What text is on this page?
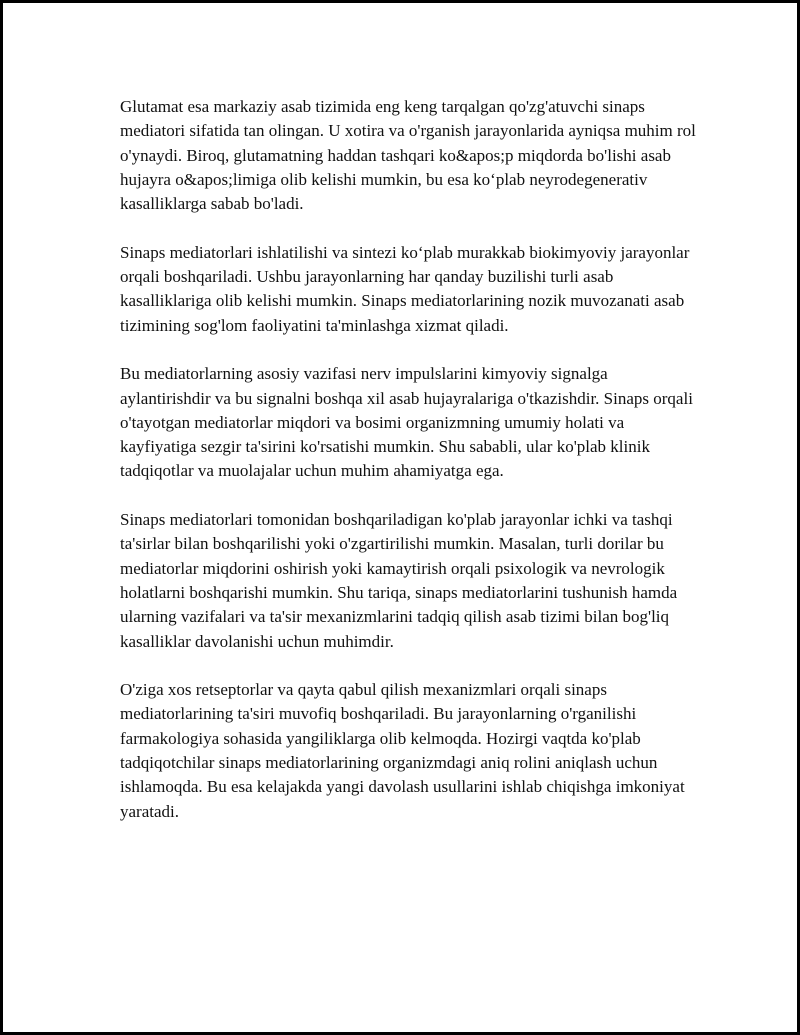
Glutamat esa markaziy asab tizimida eng keng tarqalgan qo'zg'atuvchi sinaps mediatori sifatida tan olingan. U xotira va o'rganish jarayonlarida ayniqsa muhim rol o'ynaydi. Biroq, glutamatning haddan tashqari ko&apos;p miqdorda bo'lishi asab hujayra o&apos;limiga olib kelishi mumkin, bu esa ko‘plab neyrodegenerativ kasalliklarga sabab bo'ladi.

Sinaps mediatorlari ishlatilishi va sintezi ko‘plab murakkab biokimyoviy jarayonlar orqali boshqariladi. Ushbu jarayonlarning har qanday buzilishi turli asab kasalliklariga olib kelishi mumkin. Sinaps mediatorlarining nozik muvozanati asab tizimining sog'lom faoliyatini ta'minlashga xizmat qiladi.

Bu mediatorlarning asosiy vazifasi nerv impulslarini kimyoviy signalga aylantirishdir va bu signalni boshqa xil asab hujayralariga o'tkazishdir. Sinaps orqali o'tayotgan mediatorlar miqdori va bosimi organizmning umumiy holati va kayfiyatiga sezgir ta'sirini ko'rsatishi mumkin. Shu sababli, ular ko'plab klinik tadqiqotlar va muolajalar uchun muhim ahamiyatga ega.

Sinaps mediatorlari tomonidan boshqariladigan ko'plab jarayonlar ichki va tashqi ta'sirlar bilan boshqarilishi yoki o'zgartirilishi mumkin. Masalan, turli dorilar bu mediatorlar miqdorini oshirish yoki kamaytirish orqali psixologik va nevrologik holatlarni boshqarishi mumkin. Shu tariqa, sinaps mediatorlarini tushunish hamda ularning vazifalari va ta'sir mexanizmlarini tadqiq qilish asab tizimi bilan bog'liq kasalliklar davolanishi uchun muhimdir.

O'ziga xos retseptorlar va qayta qabul qilish mexanizmlari orqali sinaps mediatorlarining ta'siri muvofiq boshqariladi. Bu jarayonlarning o'rganilishi farmakologiya sohasida yangiliklarga olib kelmoqda. Hozirgi vaqtda ko'plab tadqiqotchilar sinaps mediatorlarining organizmdagi aniq rolini aniqlash uchun ishlamoqda. Bu esa kelajakda yangi davolash usullarini ishlab chiqishga imkoniyat yaratadi.
